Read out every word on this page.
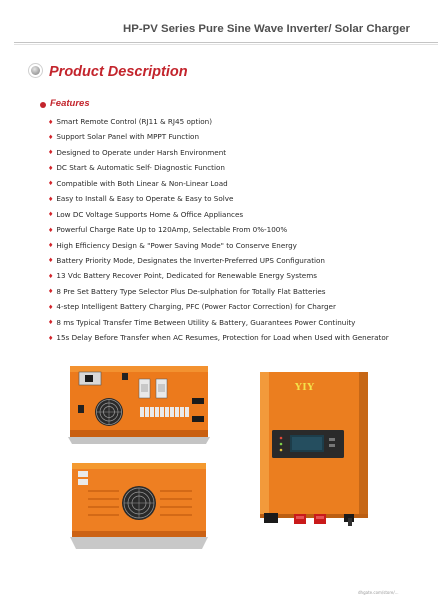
HP-PV Series Pure Sine Wave Inverter/ Solar Charger
Product Description
Features
♦ Smart Remote Control (RJ11 & RJ45 option)
♦ Support Solar Panel with MPPT Function
♦ Designed to Operate under Harsh Environment
♦ DC Start & Automatic Self- Diagnostic Function
♦ Compatible with Both Linear & Non-Linear Load
♦ Easy to Install & Easy to Operate & Easy to Solve
♦ Low DC Voltage Supports Home & Office Appliances
♦ Powerful Charge Rate Up to 120Amp, Selectable From 0%-100%
♦ High Efficiency Design & "Power Saving Mode" to Conserve Energy
♦ Battery Priority Mode, Designates the Inverter-Preferred UPS Configuration
♦ 13 Vdc Battery Recover Point, Dedicated for Renewable Energy Systems
♦ 8 Pre Set Battery Type Selector Plus De-sulphation for Totally Flat Batteries
♦ 4-step Intelligent Battery Charging, PFC (Power Factor Correction) for Charger
♦ 8 ms Typical Transfer Time Between Utility & Battery, Guarantees Power Continuity
♦ 15s Delay Before Transfer when AC Resumes, Protection for Load when Used with Generator
YIY
dhgate.com/store/...
